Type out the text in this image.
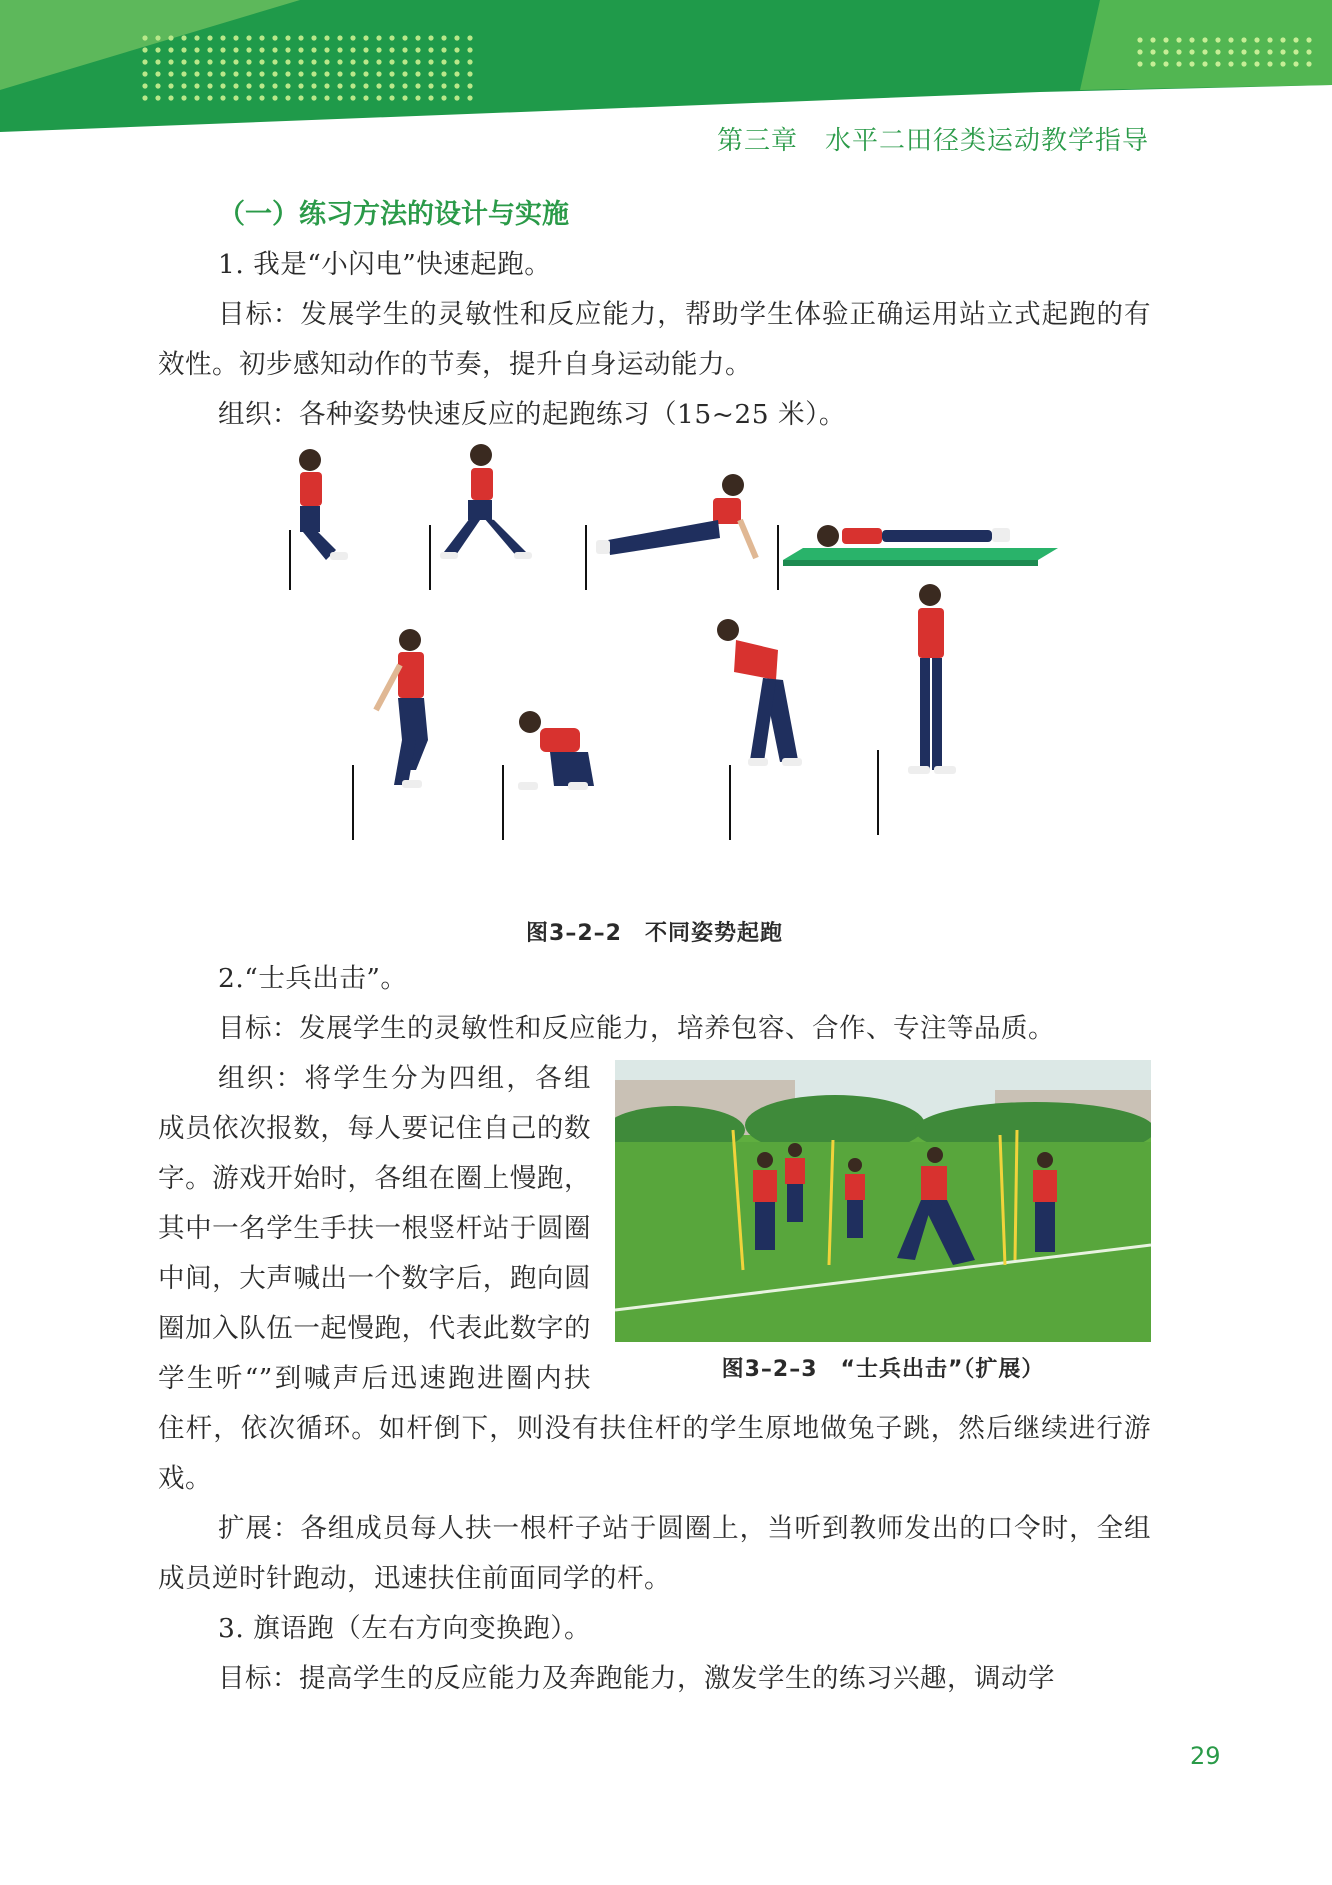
第三章　水平二田径类运动教学指导
（一）练习方法的设计与实施

1. 我是“小闪电”快速起跑。

目标：发展学生的灵敏性和反应能力，帮助学生体验正确运用站立式起跑的有效性。初步感知动作的节奏，提升自身运动能力。

组织：各种姿势快速反应的起跑练习（15~25 米）。

图3–2–2　不同姿势起跑

2.“士兵出击”。

目标：发展学生的灵敏性和反应能力，培养包容、合作、专注等品质。

图3–2–3　“士兵出击”（扩展）

组织：将学生分为四组，各组成员依次报数，每人要记住自己的数字。游戏开始时，各组在圈上慢跑，其中一名学生手扶一根竖杆站于圆圈中间，大声喊出一个数字后，跑向圆圈加入队伍一起慢跑，代表此数字的学生听“”到喊声后迅速跑进圈内扶住杆，依次循环。如杆倒下，则没有扶住杆的学生原地做兔子跳，然后继续进行游戏。

扩展：各组成员每人扶一根杆子站于圆圈上，当听到教师发出的口令时，全组成员逆时针跑动，迅速扶住前面同学的杆。

3. 旗语跑（左右方向变换跑）。

目标：提高学生的反应能力及奔跑能力，激发学生的练习兴趣，调动学

29
